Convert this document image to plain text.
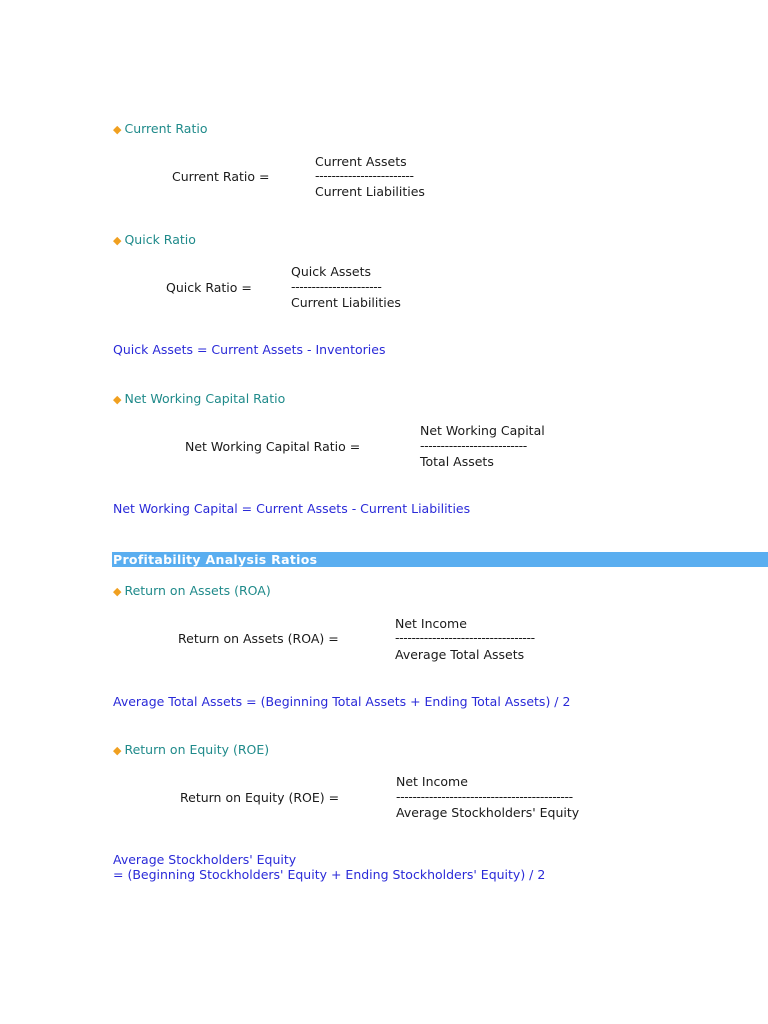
◆ Current Ratio
Current Ratio =
Current Assets
------------------------
Current Liabilities
◆ Quick Ratio
Quick Ratio =
Quick Assets
----------------------
Current Liabilities
Quick Assets = Current Assets - Inventories
◆ Net Working Capital Ratio
Net Working Capital Ratio =
Net Working Capital
--------------------------
Total Assets
Net Working Capital = Current Assets - Current Liabilities
Profitability Analysis Ratios
◆ Return on Assets (ROA)
Return on Assets (ROA) =
Net Income
----------------------------------
Average Total Assets
Average Total Assets = (Beginning Total Assets + Ending Total Assets) / 2
◆ Return on Equity (ROE)
Return on Equity (ROE) =
Net Income
-------------------------------------------
Average Stockholders' Equity
Average Stockholders' Equity
= (Beginning Stockholders' Equity + Ending Stockholders' Equity) / 2
